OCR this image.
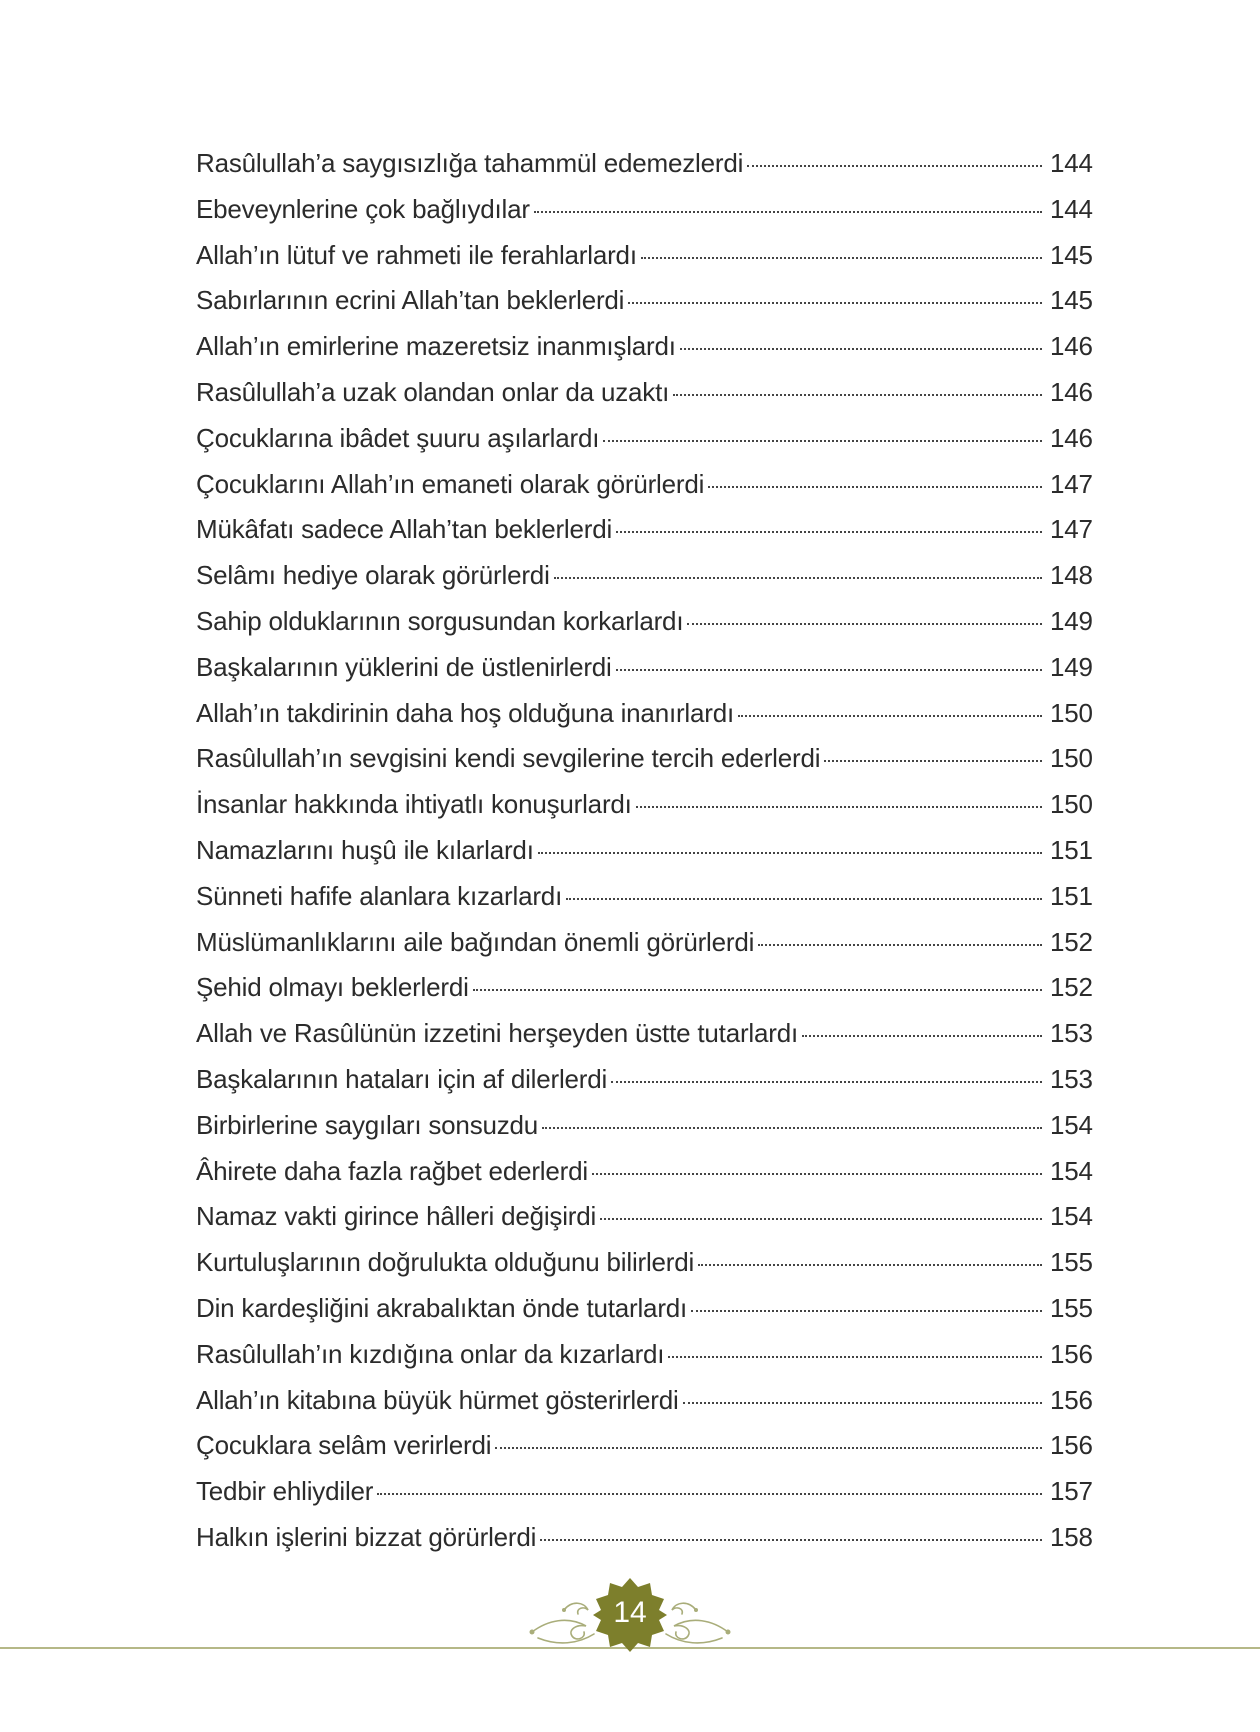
Rasûlullah’a saygısızlığa tahammül edemezlerdi	144
Ebeveynlerine çok bağlıydılar	144
Allah’ın lütuf ve rahmeti ile ferahlarlardı	145
Sabırlarının ecrini Allah’tan beklerlerdi	145
Allah’ın emirlerine mazeretsiz inanmışlardı	146
Rasûlullah’a uzak olandan onlar da uzaktı	146
Çocuklarına ibâdet şuuru aşılarlardı	146
Çocuklarını Allah’ın emaneti olarak görürlerdi	147
Mükâfatı sadece Allah’tan beklerlerdi	147
Selâmı hediye olarak görürlerdi	148
Sahip olduklarının sorgusundan korkarlardı	149
Başkalarının yüklerini de üstlenirlerdi	149
Allah’ın takdirinin daha hoş olduğuna inanırlardı	150
Rasûlullah’ın sevgisini kendi sevgilerine tercih ederlerdi	150
İnsanlar hakkında ihtiyatlı konuşurlardı	150
Namazlarını huşû ile kılarlardı	151
Sünneti hafife alanlara kızarlardı	151
Müslümanlıklarını aile bağından önemli görürlerdi	152
Şehid olmayı beklerlerdi	152
Allah ve Rasûlünün izzetini herşeyden üstte tutarlardı	153
Başkalarının hataları için af dilerlerdi	153
Birbirlerine saygıları sonsuzdu	154
Âhirete daha fazla rağbet ederlerdi	154
Namaz vakti girince hâlleri değişirdi	154
Kurtuluşlarının doğrulukta olduğunu bilirlerdi	155
Din kardeşliğini akrabalıktan önde tutarlardı	155
Rasûlullah’ın kızdığına onlar da kızarlardı	156
Allah’ın kitabına büyük hürmet gösterirlerdi	156
Çocuklara selâm verirlerdi	156
Tedbir ehliydiler	157
Halkın işlerini bizzat görürlerdi	158
14
